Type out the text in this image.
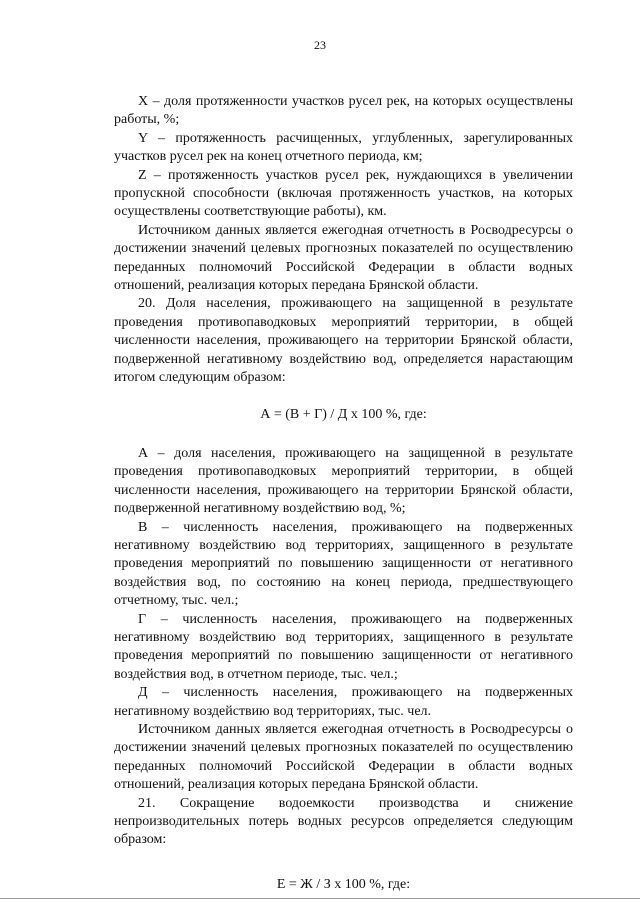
23

Х – доля протяженности участков русел рек, на которых осуществлены работы, %;

Y – протяженность расчищенных, углубленных, зарегулированных участков русел рек на конец отчетного периода, км;

Z – протяженность участков русел рек, нуждающихся в увеличении пропускной способности (включая протяженность участков, на которых осуществлены соответствующие работы), км.

Источником данных является ежегодная отчетность в Росводресурсы о достижении значений целевых прогнозных показателей по осуществлению переданных полномочий Российской Федерации в области водных отношений, реализация которых передана Брянской области.

20. Доля населения, проживающего на защищенной в результате проведения противопаводковых мероприятий территории, в общей численности населения, проживающего на территории Брянской области, подверженной негативному воздействию вод, определяется нарастающим итогом следующим образом:

А = (В + Г) / Д х 100 %, где:

А – доля населения, проживающего на защищенной в результате проведения противопаводковых мероприятий территории, в общей численности населения, проживающего на территории Брянской области, подверженной негативному воздействию вод, %;

В – численность населения, проживающего на подверженных негативному воздействию вод территориях, защищенного в результате проведения мероприятий по повышению защищенности от негативного воздействия вод, по состоянию на конец периода, предшествующего отчетному, тыс. чел.;

Г – численность населения, проживающего на подверженных негативному воздействию вод территориях, защищенного в результате проведения мероприятий по повышению защищенности от негативного воздействия вод, в отчетном периоде, тыс. чел.;

Д – численность населения, проживающего на подверженных негативному воздействию вод территориях, тыс. чел.

Источником данных является ежегодная отчетность в Росводресурсы о достижении значений целевых прогнозных показателей по осуществлению переданных полномочий Российской Федерации в области водных отношений, реализация которых передана Брянской области.

21. Сокращение водоемкости производства и снижение непроизводительных потерь водных ресурсов определяется следующим образом:

Е = Ж / З х 100 %, где:
